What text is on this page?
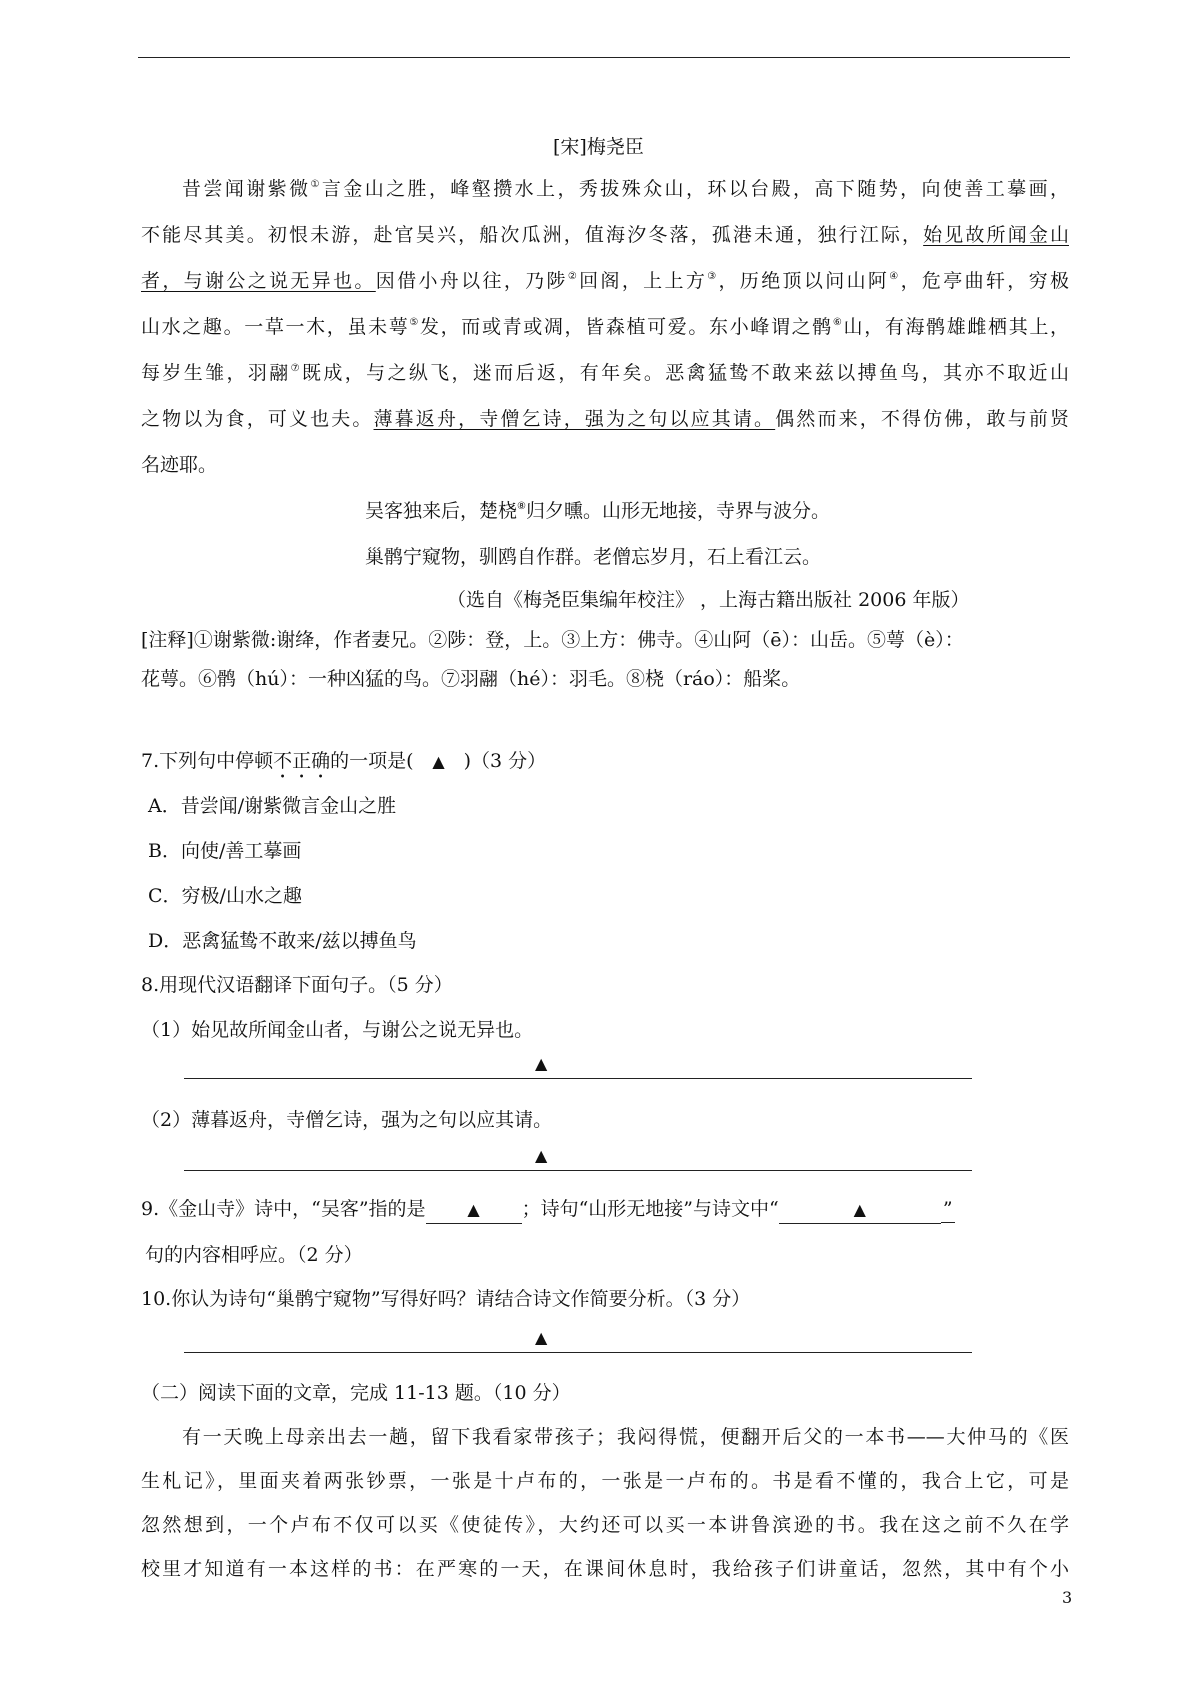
[宋]梅尧臣
昔尝闻谢紫微①言金山之胜，峰壑攒水上，秀拔殊众山，环以台殿，高下随势，向使善工摹画，
不能尽其美。初恨未游，赴官吴兴，船次瓜洲，值海汐冬落，孤港未通，独行江际，始见故所闻金山
者，与谢公之说无异也。因借小舟以往，乃陟②回阁，上上方③，历绝顶以问山阿④，危亭曲轩，穷极
山水之趣。一草一木，虽未萼⑤发，而或青或凋，皆森植可爱。东小峰谓之鹘⑥山，有海鹘雄雌栖其上，
每岁生雏，羽翮⑦既成，与之纵飞，迷而后返，有年矣。恶禽猛鸷不敢来兹以搏鱼鸟，其亦不取近山
之物以为食，可义也夫。薄暮返舟，寺僧乞诗，强为之句以应其请。偶然而来，不得仿佛，敢与前贤
名迹耶。
吴客独来后，楚桡⑧归夕曛。山形无地接，寺界与波分。
巢鹘宁窥物，驯鸥自作群。老僧忘岁月，石上看江云。
（选自《梅尧臣集编年校注》 ，上海古籍出版社 2006 年版）
[注释]①谢紫微:谢绛，作者妻兄。②陟：登，上。③上方：佛寺。④山阿（ē）：山岳。⑤萼（è）：
花萼。⑥鹘（hú）：一种凶猛的鸟。⑦羽翮（hé）：羽毛。⑧桡（ráo）：船桨。
7.下列句中停顿不正确的一项是( ▲ )（3 分）
A．昔尝闻/谢紫微言金山之胜
B．向使/善工摹画
C．穷极/山水之趣
D．恶禽猛鸷不敢来/兹以搏鱼鸟
8.用现代汉语翻译下面句子。（5 分）
（1）始见故所闻金山者，与谢公之说无异也。
▲
（2）薄暮返舟，寺僧乞诗，强为之句以应其请。
▲
9.《金山寺》诗中，“吴客”指的是	▲ ；诗句“山形无地接”与诗文中“	▲	”
句的内容相呼应。（2 分）
10.你认为诗句“巢鹘宁窥物”写得好吗？请结合诗文作简要分析。（3 分）
▲
（二）阅读下面的文章，完成 11-13 题。（10 分）
有一天晚上母亲出去一趟，留下我看家带孩子；我闷得慌，便翻开后父的一本书——大仲马的《医
生札记》，里面夹着两张钞票，一张是十卢布的，一张是一卢布的。书是看不懂的，我合上它，可是
忽然想到，一个卢布不仅可以买《使徒传》，大约还可以买一本讲鲁滨逊的书。我在这之前不久在学
校里才知道有一本这样的书：在严寒的一天，在课间休息时，我给孩子们讲童话，忽然，其中有个小
3
